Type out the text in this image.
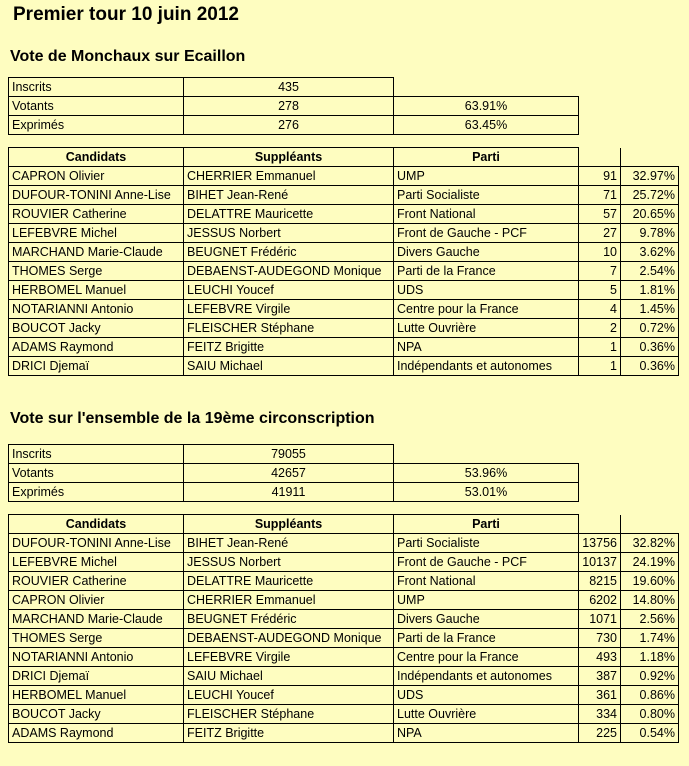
Premier tour 10 juin 2012
Vote de Monchaux sur Ecaillon
Inscrits	435	
Votants	278	63.91%
Exprimés	276	63.45%
Candidats	Suppléants	Parti		
CAPRON Olivier	CHERRIER Emmanuel	UMP	91	32.97%
DUFOUR-TONINI Anne-Lise	BIHET Jean-René	Parti Socialiste	71	25.72%
ROUVIER Catherine	DELATTRE Mauricette	Front National	57	20.65%
LEFEBVRE Michel	JESSUS Norbert	Front de Gauche - PCF	27	9.78%
MARCHAND Marie-Claude	BEUGNET Frédéric	Divers Gauche	10	3.62%
THOMES Serge	DEBAENST-AUDEGOND Monique	Parti de la France	7	2.54%
HERBOMEL Manuel	LEUCHI Youcef	UDS	5	1.81%
NOTARIANNI Antonio	LEFEBVRE Virgile	Centre pour la France	4	1.45%
BOUCOT Jacky	FLEISCHER Stéphane	Lutte Ouvrière	2	0.72%
ADAMS Raymond	FEITZ Brigitte	NPA	1	0.36%
DRICI Djemaï	SAIU Michael	Indépendants et autonomes	1	0.36%
Vote sur l'ensemble de la 19ème circonscription
Inscrits	79055	
Votants	42657	53.96%
Exprimés	41911	53.01%
Candidats	Suppléants	Parti		
DUFOUR-TONINI Anne-Lise	BIHET Jean-René	Parti Socialiste	13756	32.82%
LEFEBVRE Michel	JESSUS Norbert	Front de Gauche - PCF	10137	24.19%
ROUVIER Catherine	DELATTRE Mauricette	Front National	8215	19.60%
CAPRON Olivier	CHERRIER Emmanuel	UMP	6202	14.80%
MARCHAND Marie-Claude	BEUGNET Frédéric	Divers Gauche	1071	2.56%
THOMES Serge	DEBAENST-AUDEGOND Monique	Parti de la France	730	1.74%
NOTARIANNI Antonio	LEFEBVRE Virgile	Centre pour la France	493	1.18%
DRICI Djemaï	SAIU Michael	Indépendants et autonomes	387	0.92%
HERBOMEL Manuel	LEUCHI Youcef	UDS	361	0.86%
BOUCOT Jacky	FLEISCHER Stéphane	Lutte Ouvrière	334	0.80%
ADAMS Raymond	FEITZ Brigitte	NPA	225	0.54%
